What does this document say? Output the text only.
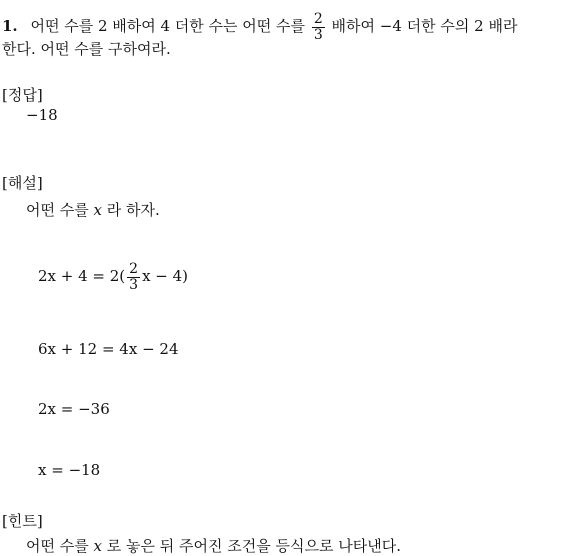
1. 어떤 수를 2 배하여 4 더한 수는 어떤 수를 $\frac{2}{3}$ 배하여 −4 더한 수의 2 배라
한다. 어떤 수를 구하여라.
[정답]
−18
[해설]
어떤 수를 x 라 하자.
$2x + 4 = 2( \frac{2}{3}$ x − 4)
6x + 12 = 4x − 24
2x = −36
x = −18
[힌트]
어떤 수를 x 로 놓은 뒤 주어진 조건을 등식으로 나타낸다.
